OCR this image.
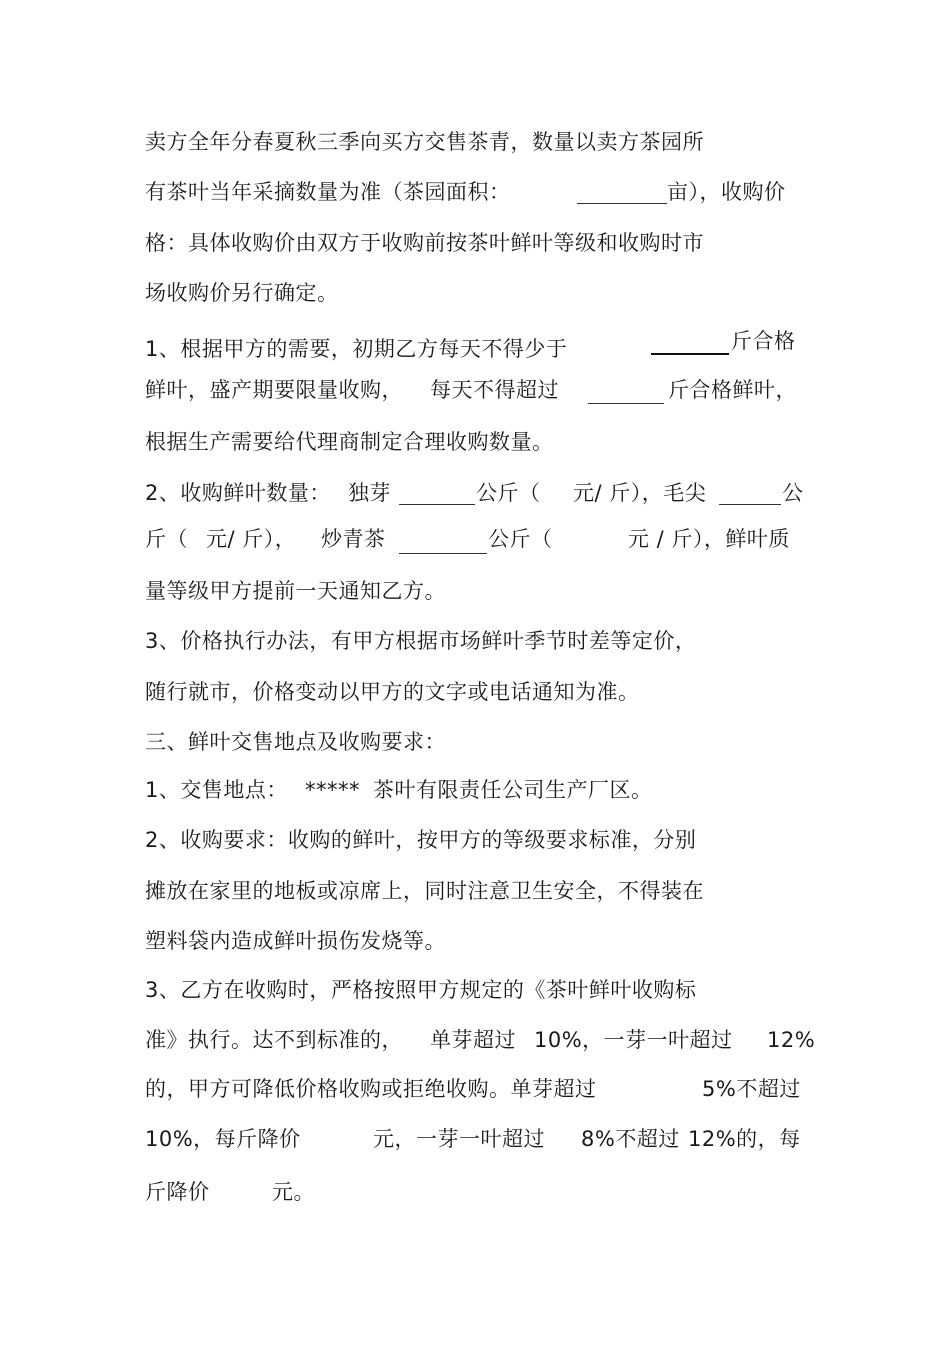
卖方全年分春夏秋三季向买方交售茶青，数量以卖方茶园所
有茶叶当年采摘数量为准（茶园面积：	亩），收购价
格：具体收购价由双方于收购前按茶叶鲜叶等级和收购时市
场收购价另行确定。
1、根据甲方的需要，初期乙方每天不得少于	斤合格
鲜叶，盛产期要限量收购， 每天不得超过	斤合格鲜叶，
根据生产需要给代理商制定合理收购数量。
2、收购鲜叶数量： 独芽	公斤（ 元/ 斤），毛尖	公
斤（ 元/ 斤）， 炒青茶	公斤（	元 / 斤），鲜叶质
量等级甲方提前一天通知乙方。
3、价格执行办法，有甲方根据市场鲜叶季节时差等定价，
随行就市，价格变动以甲方的文字或电话通知为准。
三、鲜叶交售地点及收购要求：
1、交售地点： ***** 茶叶有限责任公司生产厂区。
2、收购要求：收购的鲜叶，按甲方的等级要求标准，分别
摊放在家里的地板或凉席上，同时注意卫生安全，不得装在
塑料袋内造成鲜叶损伤发烧等。
3、乙方在收购时，严格按照甲方规定的《茶叶鲜叶收购标
准》执行。达不到标准的， 单芽超过 10%，一芽一叶超过 12%
的，甲方可降低价格收购或拒绝收购。单芽超过	5%不超过
10%，每斤降价	元，一芽一叶超过 8%不超过 12%的，每
斤降价	元。
